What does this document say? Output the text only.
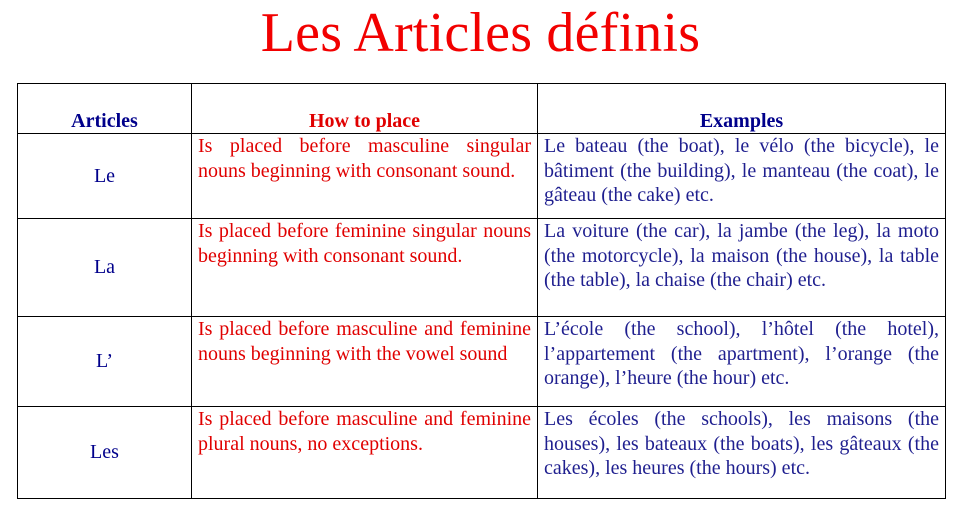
Les Articles définis
Articles	How to place	Examples
Le	Is placed before masculine singular nouns beginning with consonant sound.	Le bateau (the boat), le vélo (the bicycle), le bâtiment (the building), le manteau (the coat), le gâteau (the cake) etc.
La	Is placed before feminine singular nouns beginning with consonant sound.	La voiture (the car), la jambe (the leg), la moto (the motorcycle), la maison (the house), la table (the table), la chaise (the chair) etc.
L’	Is placed before masculine and feminine nouns beginning with the vowel sound	L’école (the school), l’hôtel (the hotel), l’appartement (the apartment), l’orange (the orange), l’heure (the hour) etc.
Les	Is placed before masculine and feminine plural nouns, no exceptions.	Les écoles (the schools), les maisons (the houses), les bateaux (the boats), les gâteaux (the cakes), les heures (the hours) etc.
